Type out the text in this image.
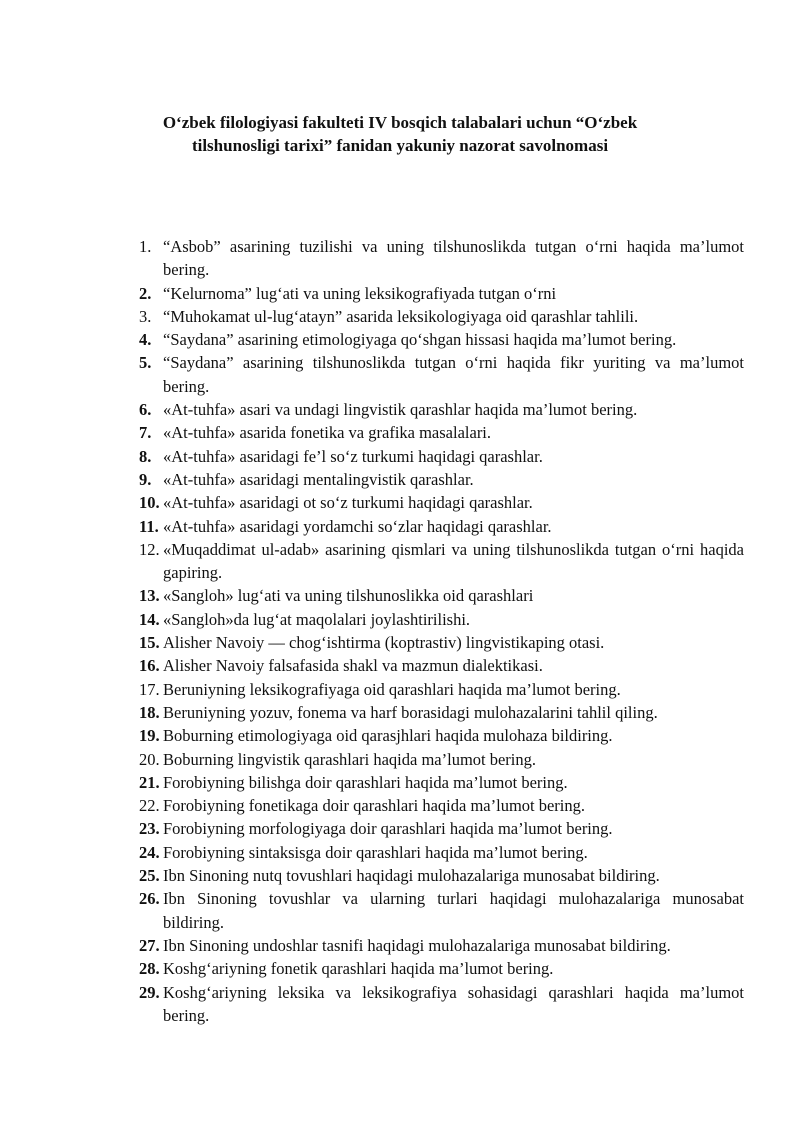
O‘zbek filologiyasi fakulteti IV bosqich talabalari uchun “O‘zbek
tilshunosligi tarixi” fanidan yakuniy nazorat savolnomasi
1. “Asbob” asarining tuzilishi va uning tilshunoslikda tutgan o‘rni haqida ma’lumot bering.
2. “Kelurnoma” lug‘ati va uning leksikografiyada tutgan o‘rni
3. “Muhokamat ul-lug‘atayn” asarida leksikologiyaga oid qarashlar tahlili.
4. “Saydana” asarining etimologiyaga qo‘shgan hissasi haqida ma’lumot bering.
5. “Saydana” asarining tilshunoslikda tutgan o‘rni haqida fikr yuriting va ma’lumot bering.
6. «At-tuhfa» asari va undagi lingvistik qarashlar haqida ma’lumot bering.
7. «At-tuhfa» asarida fonetika va grafika masalalari.
8. «At-tuhfa» asaridagi fe’l so‘z turkumi haqidagi qarashlar.
9. «At-tuhfa» asaridagi mentalingvistik qarashlar.
10. «At-tuhfa» asaridagi ot so‘z turkumi haqidagi qarashlar.
11. «At-tuhfa» asaridagi yordamchi so‘zlar haqidagi qarashlar.
12. «Muqaddimat ul-adab» asarining qismlari va uning tilshunoslikda tutgan o‘rni haqida gapiring.
13. «Sangloh» lug‘ati va uning tilshunoslikka oid qarashlari
14. «Sangloh»da lug‘at maqolalari joylashtirilishi.
15. Alisher Navoiy — chog‘ishtirma (koptrastiv) lingvistikaping otasi.
16. Alisher Navoiy falsafasida shakl va mazmun dialektikasi.
17. Beruniyning leksikografiyaga oid qarashlari haqida ma’lumot bering.
18. Beruniyning yozuv, fonema va harf borasidagi mulohazalarini tahlil qiling.
19. Boburning etimologiyaga oid qarasjhlari haqida mulohaza bildiring.
20. Boburning lingvistik qarashlari haqida ma’lumot bering.
21. Forobiyning bilishga doir qarashlari haqida ma’lumot bering.
22. Forobiyning fonetikaga doir qarashlari haqida ma’lumot bering.
23. Forobiyning morfologiyaga doir qarashlari haqida ma’lumot bering.
24. Forobiyning sintaksisga doir qarashlari haqida ma’lumot bering.
25. Ibn Sinoning nutq tovushlari haqidagi mulohazalariga munosabat bildiring.
26. Ibn Sinoning tovushlar va ularning turlari haqidagi mulohazalariga munosabat bildiring.
27. Ibn Sinoning undoshlar tasnifi haqidagi mulohazalariga munosabat bildiring.
28. Koshg‘ariyning fonetik qarashlari haqida ma’lumot bering.
29. Koshg‘ariyning leksika va leksikografiya sohasidagi qarashlari haqida ma’lumot bering.
